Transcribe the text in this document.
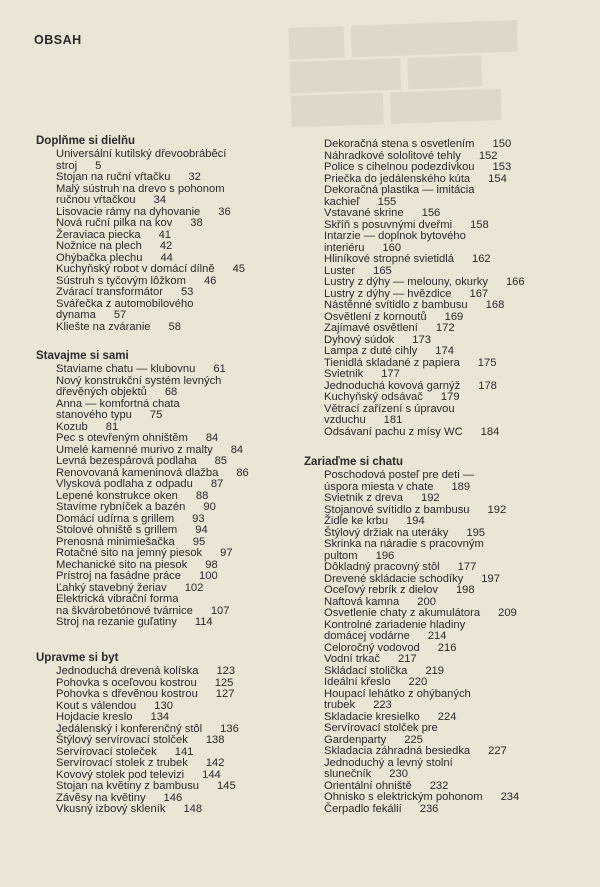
███ █████████
██████ ████
█████ ██████
OBSAH
Doplňme si dielňu
Universální kutilský dřevoobrábĕcí
stroj	5
Stojan na ruční vŕtačku	32
Malý sústruh na drevo s pohonom
ručnou vŕtačkou	34
Lisovacie rámy na dyhovanie	36
Nová ruční pilka na kov	38
Žeraviaca piecka	41
Nožnice na plech	42
Ohýbačka plechu	44
Kuchyňský robot v domácí dílnĕ	45
Sústruh s tyčovým lôžkom	46
Zvárací transformátor	53
Svářečka z automobilového
dynama	57
Kliešte na zváranie	58
Stavajme si sami
Staviame chatu — klubovnu	61
Nový konstrukční systém levných
dřevĕných objektů	68
Anna — komfortná chata
stanového typu	75
Kozub	81
Pec s otevřeným ohništĕm	84
Umelé kamenné murivo z malty	84
Levná bezespárová podlaha	85
Renovovaná kameninová dlažba	86
Vlysková podlaha z odpadu	87
Lepené konstrukce oken	88
Stavíme rybníček a bazén	90
Domácí udírna s grillem	93
Stolové ohništĕ s grillem	94
Prenosná minimiešačka	95
Rotačné sito na jemný piesok	97
Mechanické sito na piesok	98
Prístroj na fasádne práce	100
Ľahký stavebný žeriav	102
Elektrická vibrační forma
na škvárobetónové tvárnice	107
Stroj na rezanie guľatiny	114
Upravme si byt
Jednoduchá drevená kolíska	123
Pohovka s oceľovou kostrou	125
Pohovka s dřevĕnou kostrou	127
Kout s válendou	130
Hojdacie kreslo	134
Jedálenský i konferenčný stôl	136
Štýlový servírovací stolček	138
Servírovací stoleček	141
Servírovací stolek z trubek	142
Kovový stolek pod televizi	144
Stojan na kvĕtiny z bambusu	145
Závĕsy na kvĕtiny	146
Vkusný izbový skleník	148
Dekoračná stena s osvetlením	150
Náhradkové sololitové tehly	152
Police s cihelnou podezdívkou	153
Priečka do jedálenského kúta	154
Dekoračná plastika — imitácia
kachieľ	155
Vstavané skrine	156
Skříň s posuvnými dveřmi	158
Intarzie — doplnok bytového
interiéru	160
Hliníkové stropné svietidlá	162
Luster	165
Lustry z dýhy — melouny, okurky	166
Lustry z dýhy — hvĕzdice	167
Nástĕnné svítidlo z bambusu	168
Osvĕtlení z kornoutů	169
Zajímavé osvĕtlení	172
Dyhový súdok	173
Lampa z duté cihly	174
Tienidlá skladané z papiera	175
Svietnik	177
Jednoduchá kovová garnýž	178
Kuchyňský odsávač	179
Vĕtrací zařízení s úpravou
vzduchu	181
Odsávaní pachu z mísy WC	184
Zariaďme si chatu
Poschodová posteľ pre deti —
úspora miesta v chate	189
Svietnik z dreva	192
Stojanové svítidlo z bambusu	192
Židle ke krbu	194
Štýlový držiak na uteráky	195
Skrinka na náradie s pracovným
pultom	196
Dôkladný pracovný stôl	177
Drevené skládacie schodíky	197
Oceľový rebrík z dielov	198
Naftová kamna	200
Osvetlenie chaty z akumulátora	209
Kontrolné zariadenie hladiny
domácej vodárne	214
Celoročný vodovod	216
Vodní trkač	217
Skládací stolička	219
Ideální křeslo	220
Houpací lehátko z ohýbaných
trubek	223
Skladacie kresielko	224
Servírovací stolček pre
Gardenparty	225
Skladacia záhradná besiedka	227
Jednoduchý a levný stolní
slunečník	230
Orientální ohniště	232
Ohnisko s elektrickým pohonom	234
Čerpadlo fekálií	236
